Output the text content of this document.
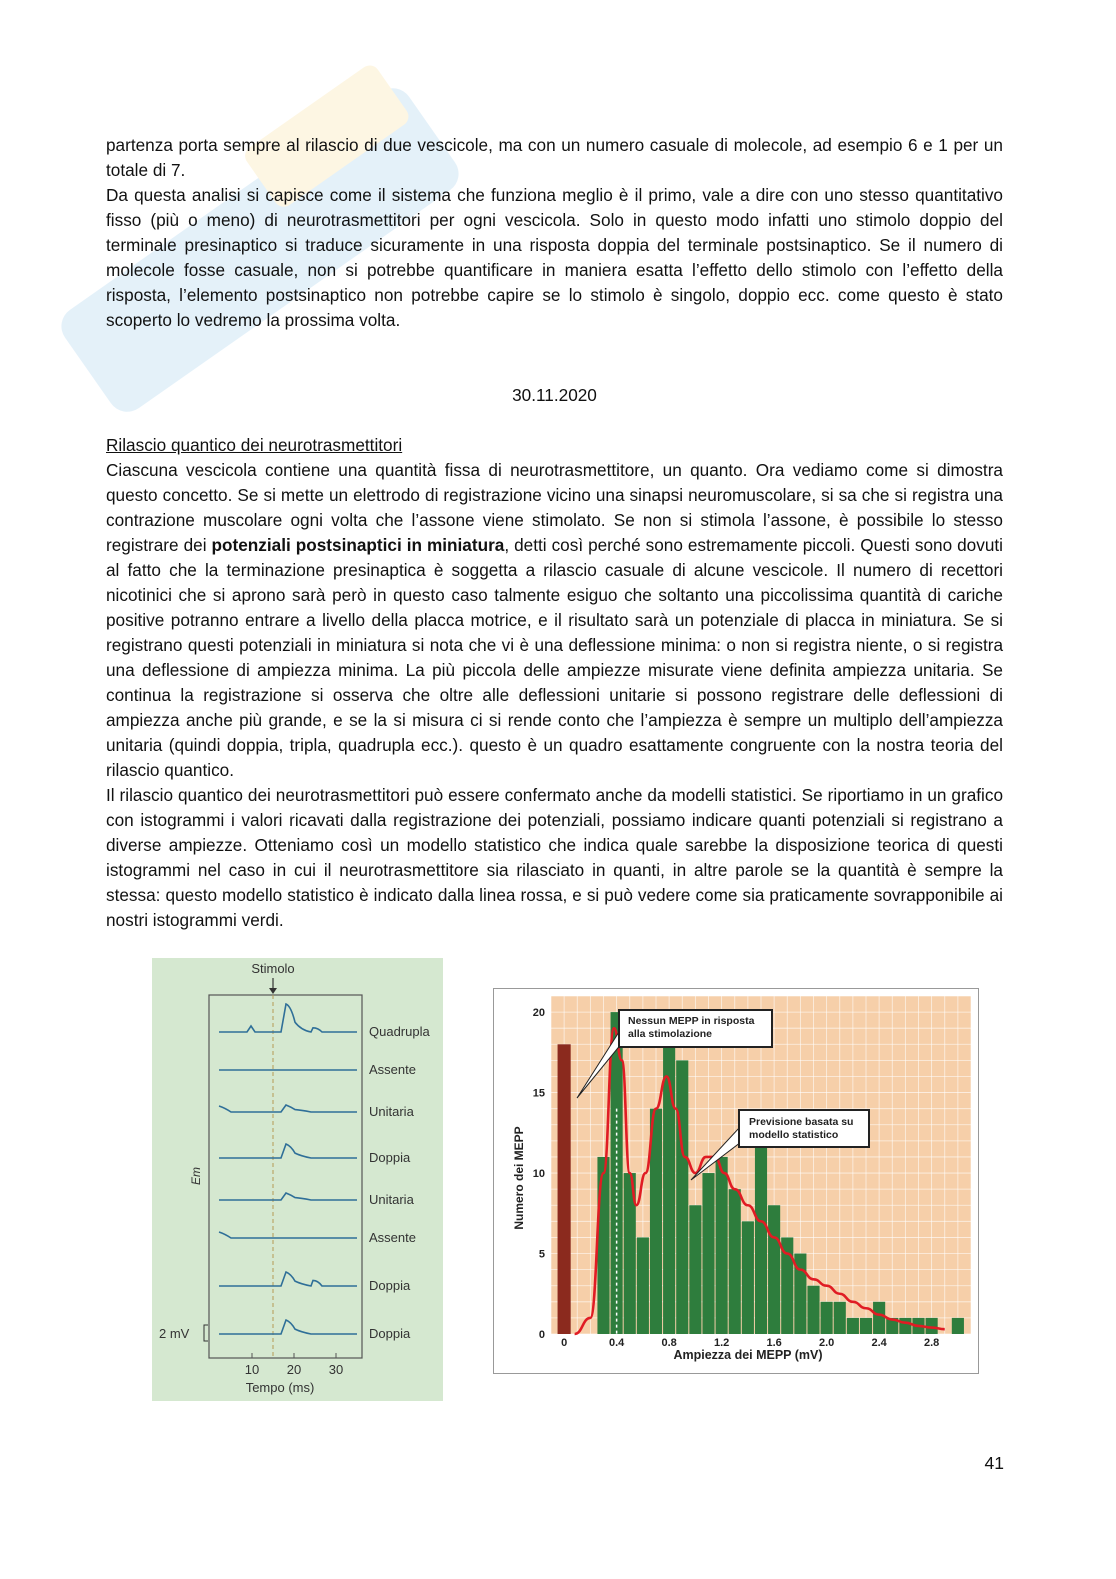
partenza porta sempre al rilascio di due vescicole, ma con un numero casuale di molecole, ad esempio 6 e 1 per un totale di 7.

Da questa analisi si capisce come il sistema che funziona meglio è il primo, vale a dire con uno stesso quantitativo fisso (più o meno) di neurotrasmettitori per ogni vescicola. Solo in questo modo infatti uno stimolo doppio del terminale presinaptico si traduce sicuramente in una risposta doppia del terminale postsinaptico. Se il numero di molecole fosse casuale, non si potrebbe quantificare in maniera esatta l’effetto dello stimolo con l’effetto della risposta, l’elemento postsinaptico non potrebbe capire se lo stimolo è singolo, doppio ecc. come questo è stato scoperto lo vedremo la prossima volta.

30.11.2020

Rilascio quantico dei neurotrasmettitori

Ciascuna vescicola contiene una quantità fissa di neurotrasmettitore, un quanto. Ora vediamo come si dimostra questo concetto. Se si mette un elettrodo di registrazione vicino una sinapsi neuromuscolare, si sa che si registra una contrazione muscolare ogni volta che l’assone viene stimolato. Se non si stimola l’assone, è possibile lo stesso registrare dei potenziali postsinaptici in miniatura, detti così perché sono estremamente piccoli. Questi sono dovuti al fatto che la terminazione presinaptica è soggetta a rilascio casuale di alcune vescicole. Il numero di recettori nicotinici che si aprono sarà però in questo caso talmente esiguo che soltanto una piccolissima quantità di cariche positive potranno entrare a livello della placca motrice, e il risultato sarà un potenziale di placca in miniatura. Se si registrano questi potenziali in miniatura si nota che vi è una deflessione minima: o non si registra niente, o si registra una deflessione di ampiezza minima. La più piccola delle ampiezze misurate viene definita ampiezza unitaria. Se continua la registrazione si osserva che oltre alle deflessioni unitarie si possono registrare delle deflessioni di ampiezza anche più grande, e se la si misura ci si rende conto che l’ampiezza è sempre un multiplo dell’ampiezza unitaria (quindi doppia, tripla, quadrupla ecc.). questo è un quadro esattamente congruente con la nostra teoria del rilascio quantico.

Il rilascio quantico dei neurotrasmettitori può essere confermato anche da modelli statistici. Se riportiamo in un grafico con istogrammi i valori ricavati dalla registrazione dei potenziali, possiamo indicare quanti potenziali si registrano a diverse ampiezze. Otteniamo così un modello statistico che indica quale sarebbe la disposizione teorica di questi istogrammi nel caso in cui il neurotrasmettitore sia rilasciato in quanti, in altre parole se la quantità è sempre la stessa: questo modello statistico è indicato dalla linea rossa, e si può vedere come sia praticamente sovrapponibile ai nostri istogrammi verdi.

Stimolo
Em
Quadrupla
Assente
Unitaria
Doppia
Unitaria
Assente
Doppia
Doppia
10 20 30
Tempo (ms)
2 mV	0
5
10
15
20
0	0.4	0.8	1.2	1.6	2.0	2.4	2.8
Numero dei MEPP
Ampiezza dei MEPP (mV)
Nessun MEPP in risposta
alla stimolazione
Previsione basata su
modello statistico
41
